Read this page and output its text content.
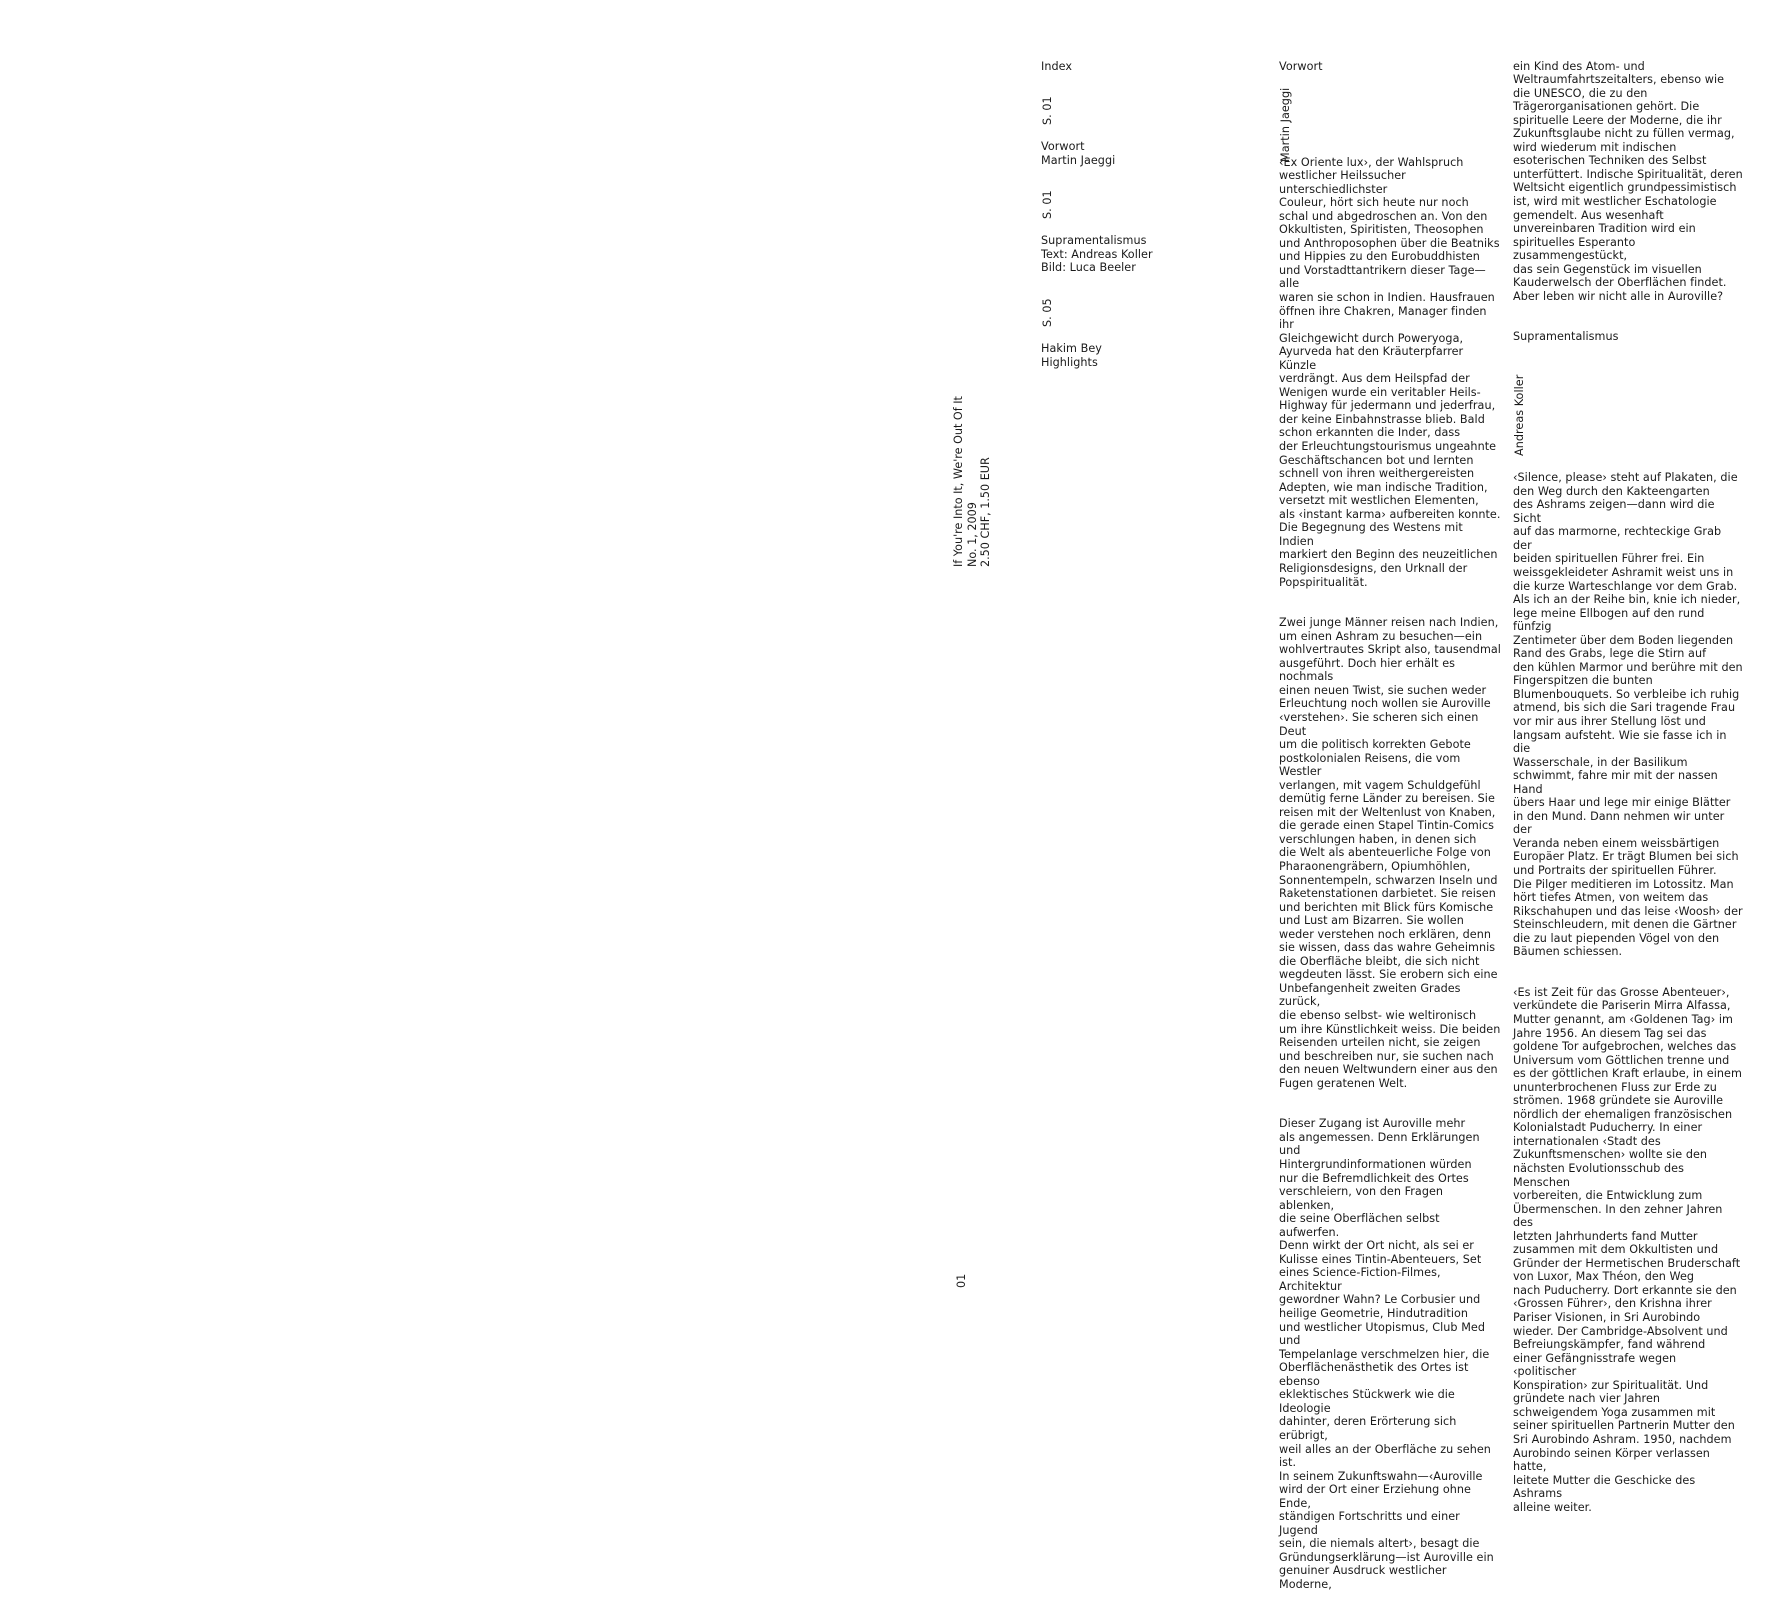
If You're Into It, We're Out Of It
No. 1, 2009
2.50 CHF, 1.50 EUR
01

Index

S. 01

Vorwort
Martin Jaeggi

S. 01

Supramentalismus
Text: Andreas Koller
Bild: Luca Beeler

S. 05

Hakim Bey
Highlights

Vorwort

Martin Jaeggi

‹Ex Oriente lux›, der Wahlspruch
westlicher Heilssucher unterschiedlichster
Couleur, hört sich heute nur noch
schal und abgedroschen an. Von den
Okkultisten, Spiritisten, Theosophen
und Anthroposophen über die Beatniks
und Hippies zu den Eurobuddhisten
und Vorstadttantrikern dieser Tage—alle
waren sie schon in Indien. Hausfrauen
öffnen ihre Chakren, Manager finden ihr
Gleichgewicht durch Poweryoga,
Ayurveda hat den Kräuterpfarrer Künzle
verdrängt. Aus dem Heilspfad der
Wenigen wurde ein veritabler Heils-
Highway für jedermann und jederfrau,
der keine Einbahnstrasse blieb. Bald
schon erkannten die Inder, dass
der Erleuchtungstourismus ungeahnte
Geschäftschancen bot und lernten
schnell von ihren weithergereisten
Adepten, wie man indische Tradition,
versetzt mit westlichen Elementen,
als ‹instant karma› aufbereiten konnte.
Die Begegnung des Westens mit Indien
markiert den Beginn des neuzeitlichen
Religionsdesigns, den Urknall der
Popspiritualität.

Zwei junge Männer reisen nach Indien,
um einen Ashram zu besuchen—ein
wohlvertrautes Skript also, tausendmal
ausgeführt. Doch hier erhält es nochmals
einen neuen Twist, sie suchen weder
Erleuchtung noch wollen sie Auroville
‹verstehen›. Sie scheren sich einen Deut
um die politisch korrekten Gebote
postkolonialen Reisens, die vom Westler
verlangen, mit vagem Schuldgefühl
demütig ferne Länder zu bereisen. Sie
reisen mit der Weltenlust von Knaben,
die gerade einen Stapel Tintin-Comics
verschlungen haben, in denen sich
die Welt als abenteuerliche Folge von
Pharaonengräbern, Opiumhöhlen,
Sonnentempeln, schwarzen Inseln und
Raketenstationen darbietet. Sie reisen
und berichten mit Blick fürs Komische
und Lust am Bizarren. Sie wollen
weder verstehen noch erklären, denn
sie wissen, dass das wahre Geheimnis
die Oberfläche bleibt, die sich nicht
wegdeuten lässt. Sie erobern sich eine
Unbefangenheit zweiten Grades zurück,
die ebenso selbst- wie weltironisch
um ihre Künstlichkeit weiss. Die beiden
Reisenden urteilen nicht, sie zeigen
und beschreiben nur, sie suchen nach
den neuen Weltwundern einer aus den
Fugen geratenen Welt.

Dieser Zugang ist Auroville mehr
als angemessen. Denn Erklärungen und
Hintergrundinformationen würden
nur die Befremdlichkeit des Ortes
verschleiern, von den Fragen ablenken,
die seine Oberflächen selbst aufwerfen.
Denn wirkt der Ort nicht, als sei er
Kulisse eines Tintin-Abenteuers, Set
eines Science-Fiction-Filmes, Architektur
gewordner Wahn? Le Corbusier und
heilige Geometrie, Hindutradition
und westlicher Utopismus, Club Med und
Tempelanlage verschmelzen hier, die
Oberflächenästhetik des Ortes ist ebenso
eklektisches Stückwerk wie die Ideologie
dahinter, deren Erörterung sich erübrigt,
weil alles an der Oberfläche zu sehen ist.
In seinem Zukunftswahn—‹Auroville
wird der Ort einer Erziehung ohne Ende,
ständigen Fortschritts und einer Jugend
sein, die niemals altert›, besagt die
Gründungserklärung—ist Auroville ein
genuiner Ausdruck westlicher Moderne,

ein Kind des Atom- und
Weltraumfahrtszeitalters, ebenso wie
die UNESCO, die zu den
Trägerorganisationen gehört. Die
spirituelle Leere der Moderne, die ihr
Zukunftsglaube nicht zu füllen vermag,
wird wiederum mit indischen
esoterischen Techniken des Selbst
unterfüttert. Indische Spiritualität, deren
Weltsicht eigentlich grundpessimistisch
ist, wird mit westlicher Eschatologie
gemendelt. Aus wesenhaft
unvereinbaren Tradition wird ein
spirituelles Esperanto zusammengestückt,
das sein Gegenstück im visuellen
Kauderwelsch der Oberflächen findet.
Aber leben wir nicht alle in Auroville?

Supramentalismus

Andreas Koller

‹Silence, please› steht auf Plakaten, die
den Weg durch den Kakteengarten
des Ashrams zeigen—dann wird die Sicht
auf das marmorne, rechteckige Grab der
beiden spirituellen Führer frei. Ein
weissgekleideter Ashramit weist uns in
die kurze Warteschlange vor dem Grab.
Als ich an der Reihe bin, knie ich nieder,
lege meine Ellbogen auf den rund fünfzig
Zentimeter über dem Boden liegenden
Rand des Grabs, lege die Stirn auf
den kühlen Marmor und berühre mit den
Fingerspitzen die bunten
Blumenbouquets. So verbleibe ich ruhig
atmend, bis sich die Sari tragende Frau
vor mir aus ihrer Stellung löst und
langsam aufsteht. Wie sie fasse ich in die
Wasserschale, in der Basilikum
schwimmt, fahre mir mit der nassen Hand
übers Haar und lege mir einige Blätter
in den Mund. Dann nehmen wir unter der
Veranda neben einem weissbärtigen
Europäer Platz. Er trägt Blumen bei sich
und Portraits der spirituellen Führer.
Die Pilger meditieren im Lotossitz. Man
hört tiefes Atmen, von weitem das
Rikschahupen und das leise ‹Woosh› der
Steinschleudern, mit denen die Gärtner
die zu laut piependen Vögel von den
Bäumen schiessen.

‹Es ist Zeit für das Grosse Abenteuer›,
verkündete die Pariserin Mirra Alfassa,
Mutter genannt, am ‹Goldenen Tag› im
Jahre 1956. An diesem Tag sei das
goldene Tor aufgebrochen, welches das
Universum vom Göttlichen trenne und
es der göttlichen Kraft erlaube, in einem
ununterbrochenen Fluss zur Erde zu
strömen. 1968 gründete sie Auroville
nördlich der ehemaligen französischen
Kolonialstadt Puducherry. In einer
internationalen ‹Stadt des
Zukunftsmenschen› wollte sie den
nächsten Evolutionsschub des Menschen
vorbereiten, die Entwicklung zum
Übermenschen. In den zehner Jahren des
letzten Jahrhunderts fand Mutter
zusammen mit dem Okkultisten und
Gründer der Hermetischen Bruderschaft
von Luxor, Max Théon, den Weg
nach Puducherry. Dort erkannte sie den
‹Grossen Führer›, den Krishna ihrer
Pariser Visionen, in Sri Aurobindo
wieder. Der Cambridge-Absolvent und
Befreiungskämpfer, fand während
einer Gefängnisstrafe wegen ‹politischer
Konspiration› zur Spiritualität. Und
gründete nach vier Jahren
schweigendem Yoga zusammen mit
seiner spirituellen Partnerin Mutter den
Sri Aurobindo Ashram. 1950, nachdem
Aurobindo seinen Körper verlassen hatte,
leitete Mutter die Geschicke des Ashrams
alleine weiter.
